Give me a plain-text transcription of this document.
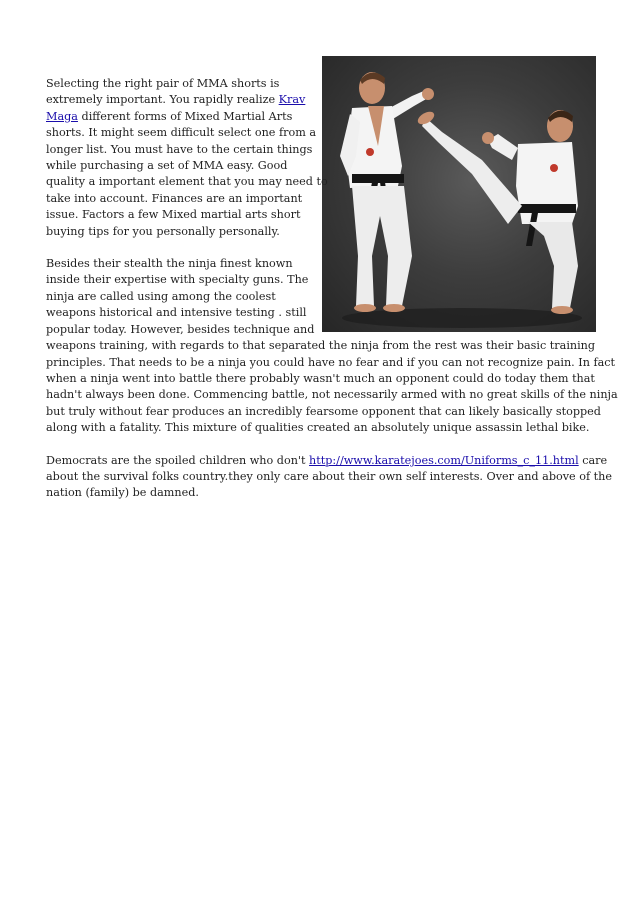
Selecting the right pair of MMA shorts is
extremely important. You rapidly realize Krav
Maga different forms of Mixed Martial Arts
shorts. It might seem difficult select one from a
longer list. You must have to the certain things
while purchasing a set of MMA easy. Good
quality a important element that you may need to
take into account. Finances are an important
issue. Factors a few Mixed martial arts short
buying tips for you personally personally.

Besides their stealth the ninja finest known
inside their expertise with specialty guns. The
ninja are called using among the coolest
weapons historical and intensive testing . still
popular today. However, besides technique and
weapons training, with regards to that separated the ninja from the rest was their basic training
principles. That needs to be a ninja you could have no fear and if you can not recognize pain. In fact
when a ninja went into battle there probably wasn't much an opponent could do today them that
hadn't always been done. Commencing battle, not necessarily armed with no great skills of the ninja
but truly without fear produces an incredibly fearsome opponent that can likely basically stopped
along with a fatality. This mixture of qualities created an absolutely unique assassin lethal bike.

Democrats are the spoiled children who don't http://www.karatejoes.com/Uniforms_c_11.html care
about the survival folks country.they only care about their own self interests. Over and above of the
nation (family) be damned.
